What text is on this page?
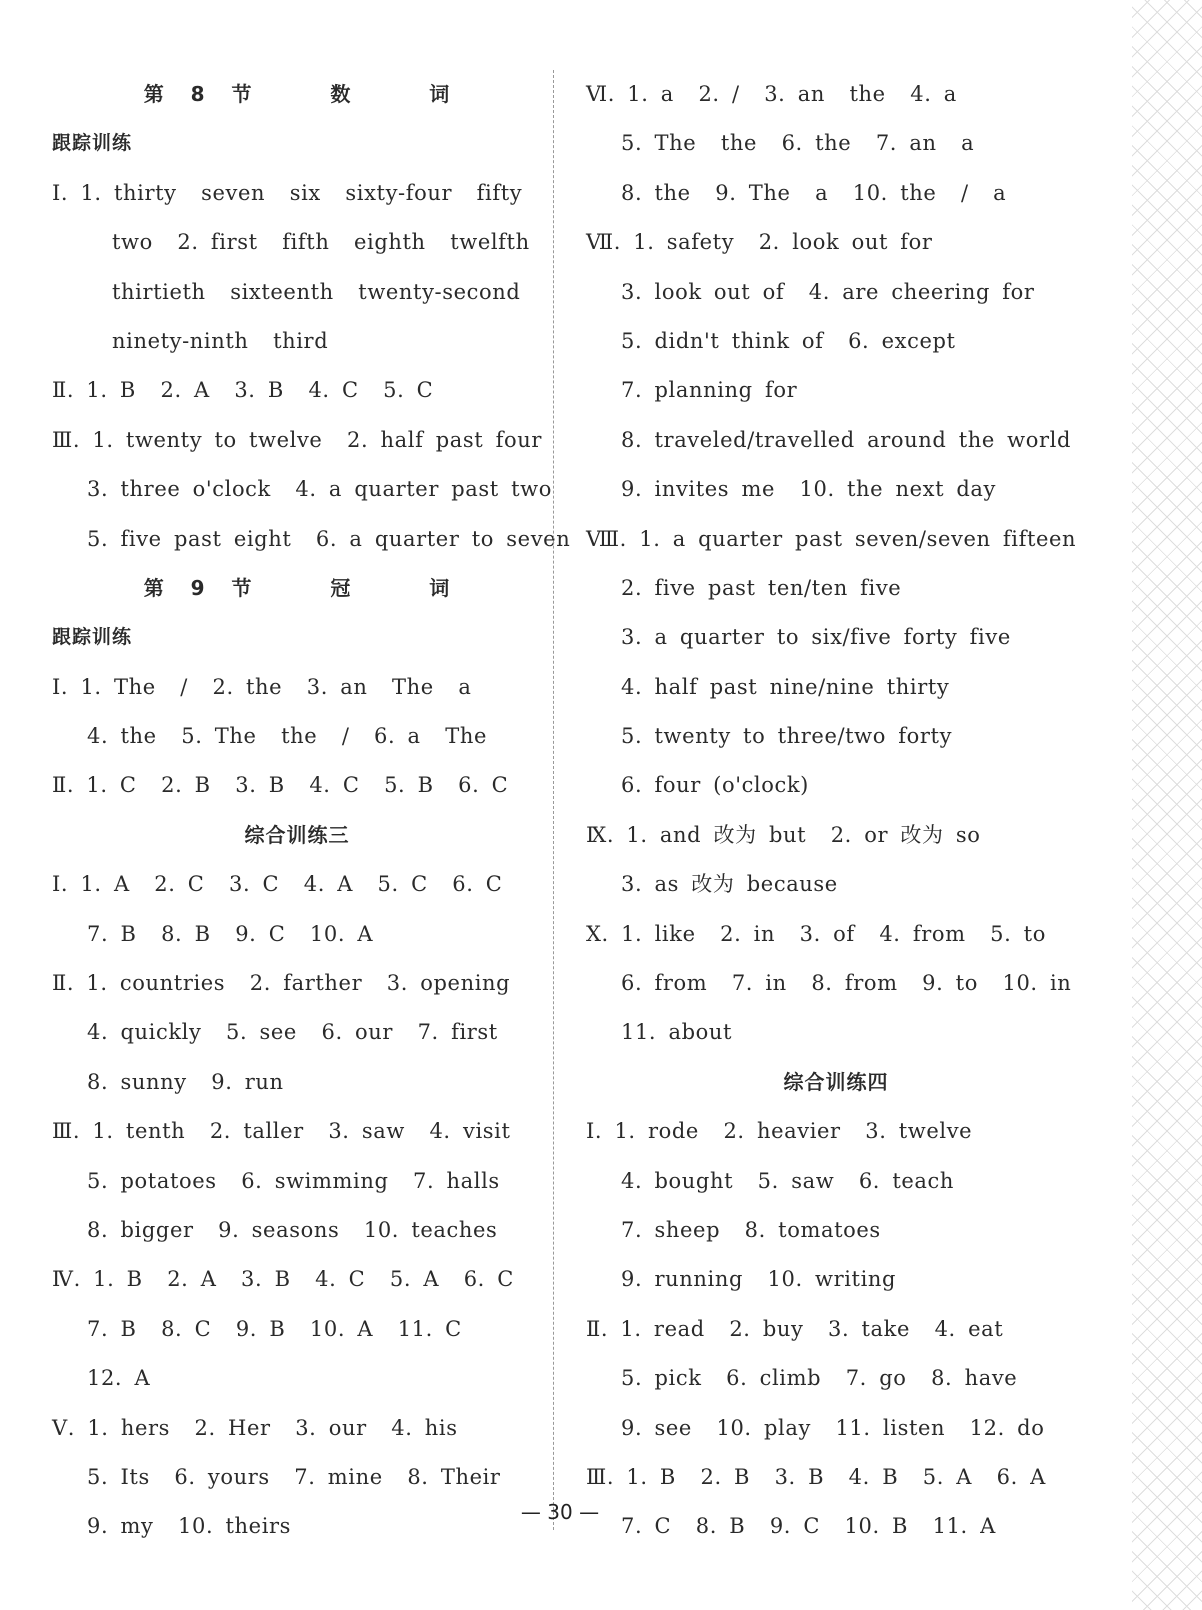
第 8 节   数   词
跟踪训练
Ⅰ. 1. thirty  seven  six  sixty-four  fifty
two  2. first  fifth  eighth  twelfth
thirtieth  sixteenth  twenty-second
ninety-ninth  third
Ⅱ. 1. B  2. A  3. B  4. C  5. C
Ⅲ. 1. twenty to twelve  2. half past four
3. three o'clock  4. a quarter past two
5. five past eight  6. a quarter to seven
第 9 节   冠   词
跟踪训练
Ⅰ. 1. The  /  2. the  3. an  The  a
4. the  5. The  the  /  6. a  The
Ⅱ. 1. C  2. B  3. B  4. C  5. B  6. C
综合训练三
Ⅰ. 1. A  2. C  3. C  4. A  5. C  6. C
7. B  8. B  9. C  10. A
Ⅱ. 1. countries  2. farther  3. opening
4. quickly  5. see  6. our  7. first
8. sunny  9. run
Ⅲ. 1. tenth  2. taller  3. saw  4. visit
5. potatoes  6. swimming  7. halls
8. bigger  9. seasons  10. teaches
Ⅳ. 1. B  2. A  3. B  4. C  5. A  6. C
7. B  8. C  9. B  10. A  11. C
12. A
Ⅴ. 1. hers  2. Her  3. our  4. his
5. Its  6. yours  7. mine  8. Their
9. my  10. theirs
Ⅵ. 1. a  2. /  3. an  the  4. a
5. The  the  6. the  7. an  a
8. the  9. The  a  10. the  /  a
Ⅶ. 1. safety  2. look out for
3. look out of  4. are cheering for
5. didn't think of  6. except
7. planning for
8. traveled/travelled around the world
9. invites me  10. the next day
Ⅷ. 1. a quarter past seven/seven fifteen
2. five past ten/ten five
3. a quarter to six/five forty five
4. half past nine/nine thirty
5. twenty to three/two forty
6. four (o'clock)
Ⅸ. 1. and 改为 but  2. or 改为 so
3. as 改为 because
Ⅹ. 1. like  2. in  3. of  4. from  5. to
6. from  7. in  8. from  9. to  10. in
11. about
综合训练四
Ⅰ. 1. rode  2. heavier  3. twelve
4. bought  5. saw  6. teach
7. sheep  8. tomatoes
9. running  10. writing
Ⅱ. 1. read  2. buy  3. take  4. eat
5. pick  6. climb  7. go  8. have
9. see  10. play  11. listen  12. do
Ⅲ. 1. B  2. B  3. B  4. B  5. A  6. A
7. C  8. B  9. C  10. B  11. A
— 30 —
